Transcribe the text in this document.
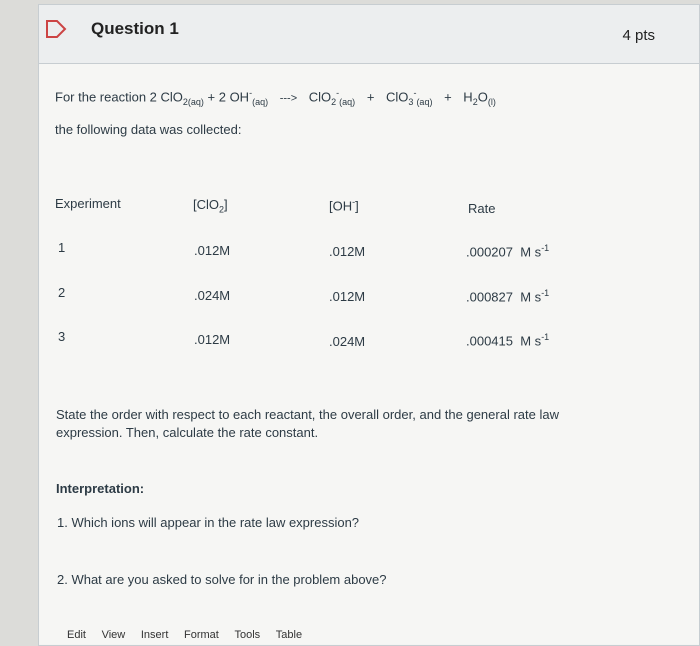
Question 1	4 pts
For the reaction 2 ClO$_{2(aq)}$ + 2 $OH^-_{(aq)}$ ---> $ClO_2^-_{(aq)} + ClO_3^-_{(aq)} + H_2O_{(l)}$
the following data was collected:
Experiment	[ClO$_2$]	[OH-]	Rate
1	.012M	.012M	.000207 M $s^{-1}$
2	.024M	.012M	.000827 M $s^{-1}$
3	.012M	.024M	.000415 M $s^{-1}$
State the order with respect to each reactant, the overall order, and the general rate law expression. Then, calculate the rate constant.
Interpretation:
1. Which ions will appear in the rate law expression?
2. What are you asked to solve for in the problem above?
Edit View Insert Format Tools Table
